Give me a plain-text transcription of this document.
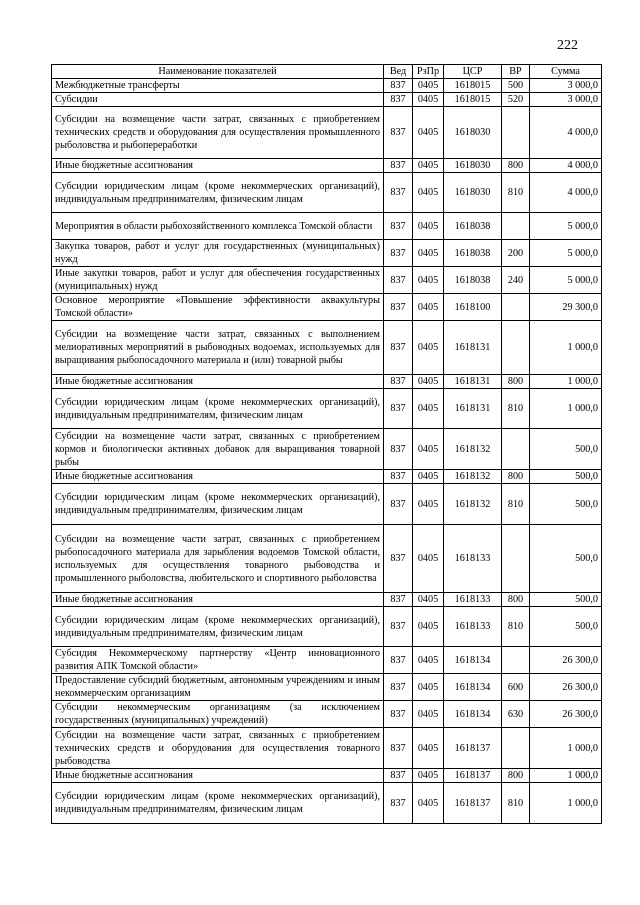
222
Наименование показателей	Вед	РзПр	ЦСР	ВР	Сумма
Межбюджетные трансферты	837	0405	1618015	500	3 000,0
Субсидии	837	0405	1618015	520	3 000,0
Субсидии на возмещение части затрат, связанных с приобретением технических средств и оборудования для осуществления промышленного рыболовства и рыбопереработки	837	0405	1618030		4 000,0
Иные бюджетные ассигнования	837	0405	1618030	800	4 000,0
Субсидии юридическим лицам (кроме некоммерческих организаций), индивидуальным предпринимателям, физическим лицам	837	0405	1618030	810	4 000,0
Мероприятия в области рыбохозяйственного комплекса Томской области	837	0405	1618038		5 000,0
Закупка товаров, работ и услуг для государственных (муниципальных) нужд	837	0405	1618038	200	5 000,0
Иные закупки товаров, работ и услуг для обеспечения государственных (муниципальных) нужд	837	0405	1618038	240	5 000,0
Основное мероприятие «Повышение эффективности аквакультуры Томской области»	837	0405	1618100		29 300,0
Субсидии на возмещение части затрат, связанных с выполнением мелиоративных мероприятий в рыбоводных водоемах, используемых для выращивания рыбопосадочного материала и (или) товарной рыбы	837	0405	1618131		1 000,0
Иные бюджетные ассигнования	837	0405	1618131	800	1 000,0
Субсидии юридическим лицам (кроме некоммерческих организаций), индивидуальным предпринимателям, физическим лицам	837	0405	1618131	810	1 000,0
Субсидии на возмещение части затрат, связанных с приобретением кормов и биологически активных добавок для выращивания товарной рыбы	837	0405	1618132		500,0
Иные бюджетные ассигнования	837	0405	1618132	800	500,0
Субсидии юридическим лицам (кроме некоммерческих организаций), индивидуальным предпринимателям, физическим лицам	837	0405	1618132	810	500,0
Субсидии на возмещение части затрат, связанных с приобретением рыбопосадочного материала для зарыбления водоемов Томской области, используемых для осуществления товарного рыбоводства и промышленного рыболовства, любительского и спортивного рыболовства	837	0405	1618133		500,0
Иные бюджетные ассигнования	837	0405	1618133	800	500,0
Субсидии юридическим лицам (кроме некоммерческих организаций), индивидуальным предпринимателям, физическим лицам	837	0405	1618133	810	500,0
Субсидия Некоммерческому партнерству «Центр инновационного развития АПК Томской области»	837	0405	1618134		26 300,0
Предоставление субсидий бюджетным, автономным учреждениям и иным некоммерческим организациям	837	0405	1618134	600	26 300,0
Субсидии некоммерческим организациям (за исключением государственных (муниципальных) учреждений)	837	0405	1618134	630	26 300,0
Субсидии на возмещение части затрат, связанных с приобретением технических средств и оборудования для осуществления товарного рыбоводства	837	0405	1618137		1 000,0
Иные бюджетные ассигнования	837	0405	1618137	800	1 000,0
Субсидии юридическим лицам (кроме некоммерческих организаций), индивидуальным предпринимателям, физическим лицам	837	0405	1618137	810	1 000,0
